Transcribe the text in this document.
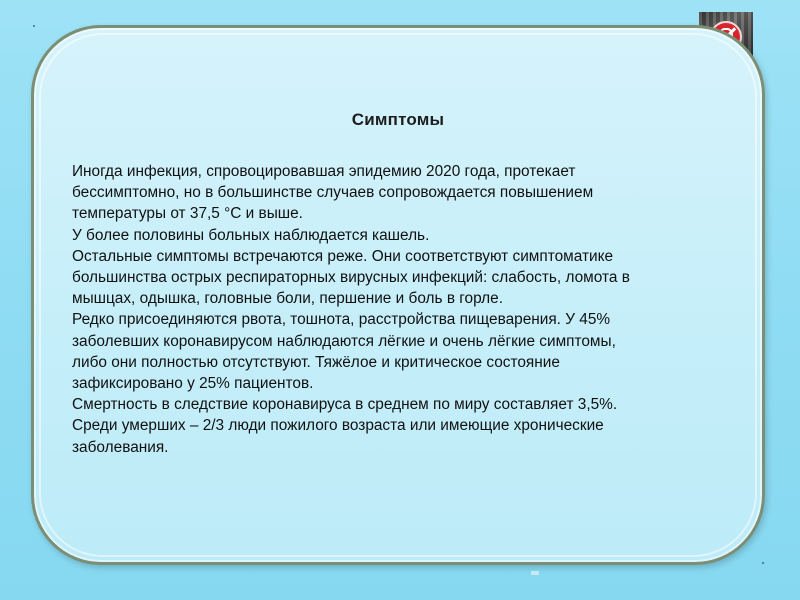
Симптомы
Иногда инфекция, спровоцировавшая эпидемию 2020 года, протекает
бессимптомно, но в большинстве случаев сопровождается повышением
температуры от 37,5 °C и выше.
У более половины больных наблюдается кашель.
Остальные симптомы встречаются реже. Они соответствуют симптоматике
большинства острых респираторных вирусных инфекций: слабость, ломота в
мышцах, одышка, головные боли, першение и боль в горле.
Редко присоединяются рвота, тошнота, расстройства пищеварения. У 45%
заболевших коронавирусом наблюдаются лёгкие и очень лёгкие симптомы,
либо они полностью отсутствуют. Тяжёлое и критическое состояние
зафиксировано у 25% пациентов.
Смертность в следствие коронавируса в среднем по миру составляет 3,5%.
Среди умерших – 2/3 люди пожилого возраста или имеющие хронические
заболевания.
